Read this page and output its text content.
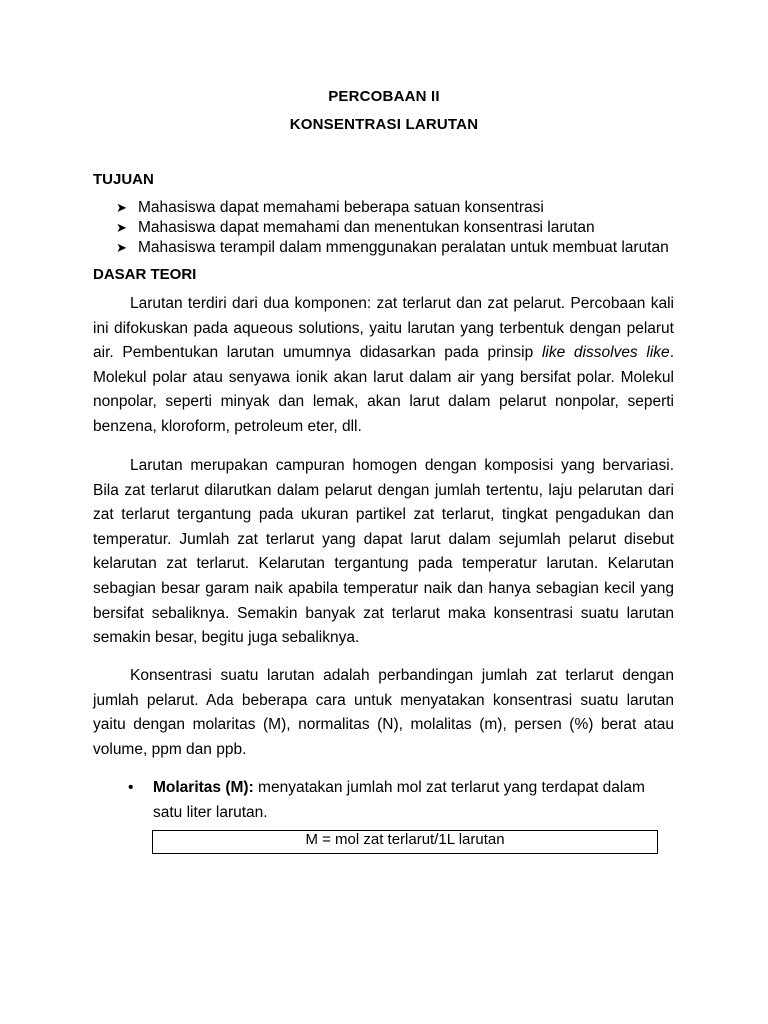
PERCOBAAN II
KONSENTRASI LARUTAN
TUJUAN
➤ Mahasiswa dapat memahami beberapa satuan konsentrasi
➤ Mahasiswa dapat memahami dan menentukan konsentrasi larutan
➤ Mahasiswa terampil dalam mmenggunakan peralatan untuk membuat larutan
DASAR TEORI

Larutan terdiri dari dua komponen: zat terlarut dan zat pelarut. Percobaan kali ini difokuskan pada aqueous solutions, yaitu larutan yang terbentuk dengan pelarut air. Pembentukan larutan umumnya didasarkan pada prinsip like dissolves like. Molekul polar atau senyawa ionik akan larut dalam air yang bersifat polar. Molekul nonpolar, seperti minyak dan lemak, akan larut dalam pelarut nonpolar, seperti benzena, kloroform, petroleum eter, dll.

Larutan merupakan campuran homogen dengan komposisi yang bervariasi. Bila zat terlarut dilarutkan dalam pelarut dengan jumlah tertentu, laju pelarutan dari zat terlarut tergantung pada ukuran partikel zat terlarut, tingkat pengadukan dan temperatur. Jumlah zat terlarut yang dapat larut dalam sejumlah pelarut disebut kelarutan zat terlarut. Kelarutan tergantung pada temperatur larutan. Kelarutan sebagian besar garam naik apabila temperatur naik dan hanya sebagian kecil yang bersifat sebaliknya. Semakin banyak zat terlarut maka konsentrasi suatu larutan semakin besar, begitu juga sebaliknya.

Konsentrasi suatu larutan adalah perbandingan jumlah zat terlarut dengan jumlah pelarut. Ada beberapa cara untuk menyatakan konsentrasi suatu larutan yaitu dengan molaritas (M), normalitas (N), molalitas (m), persen (%) berat atau volume, ppm dan ppb.

• Molaritas (M): menyatakan jumlah mol zat terlarut yang terdapat dalam satu liter larutan.
M = mol zat terlarut/1L larutan
